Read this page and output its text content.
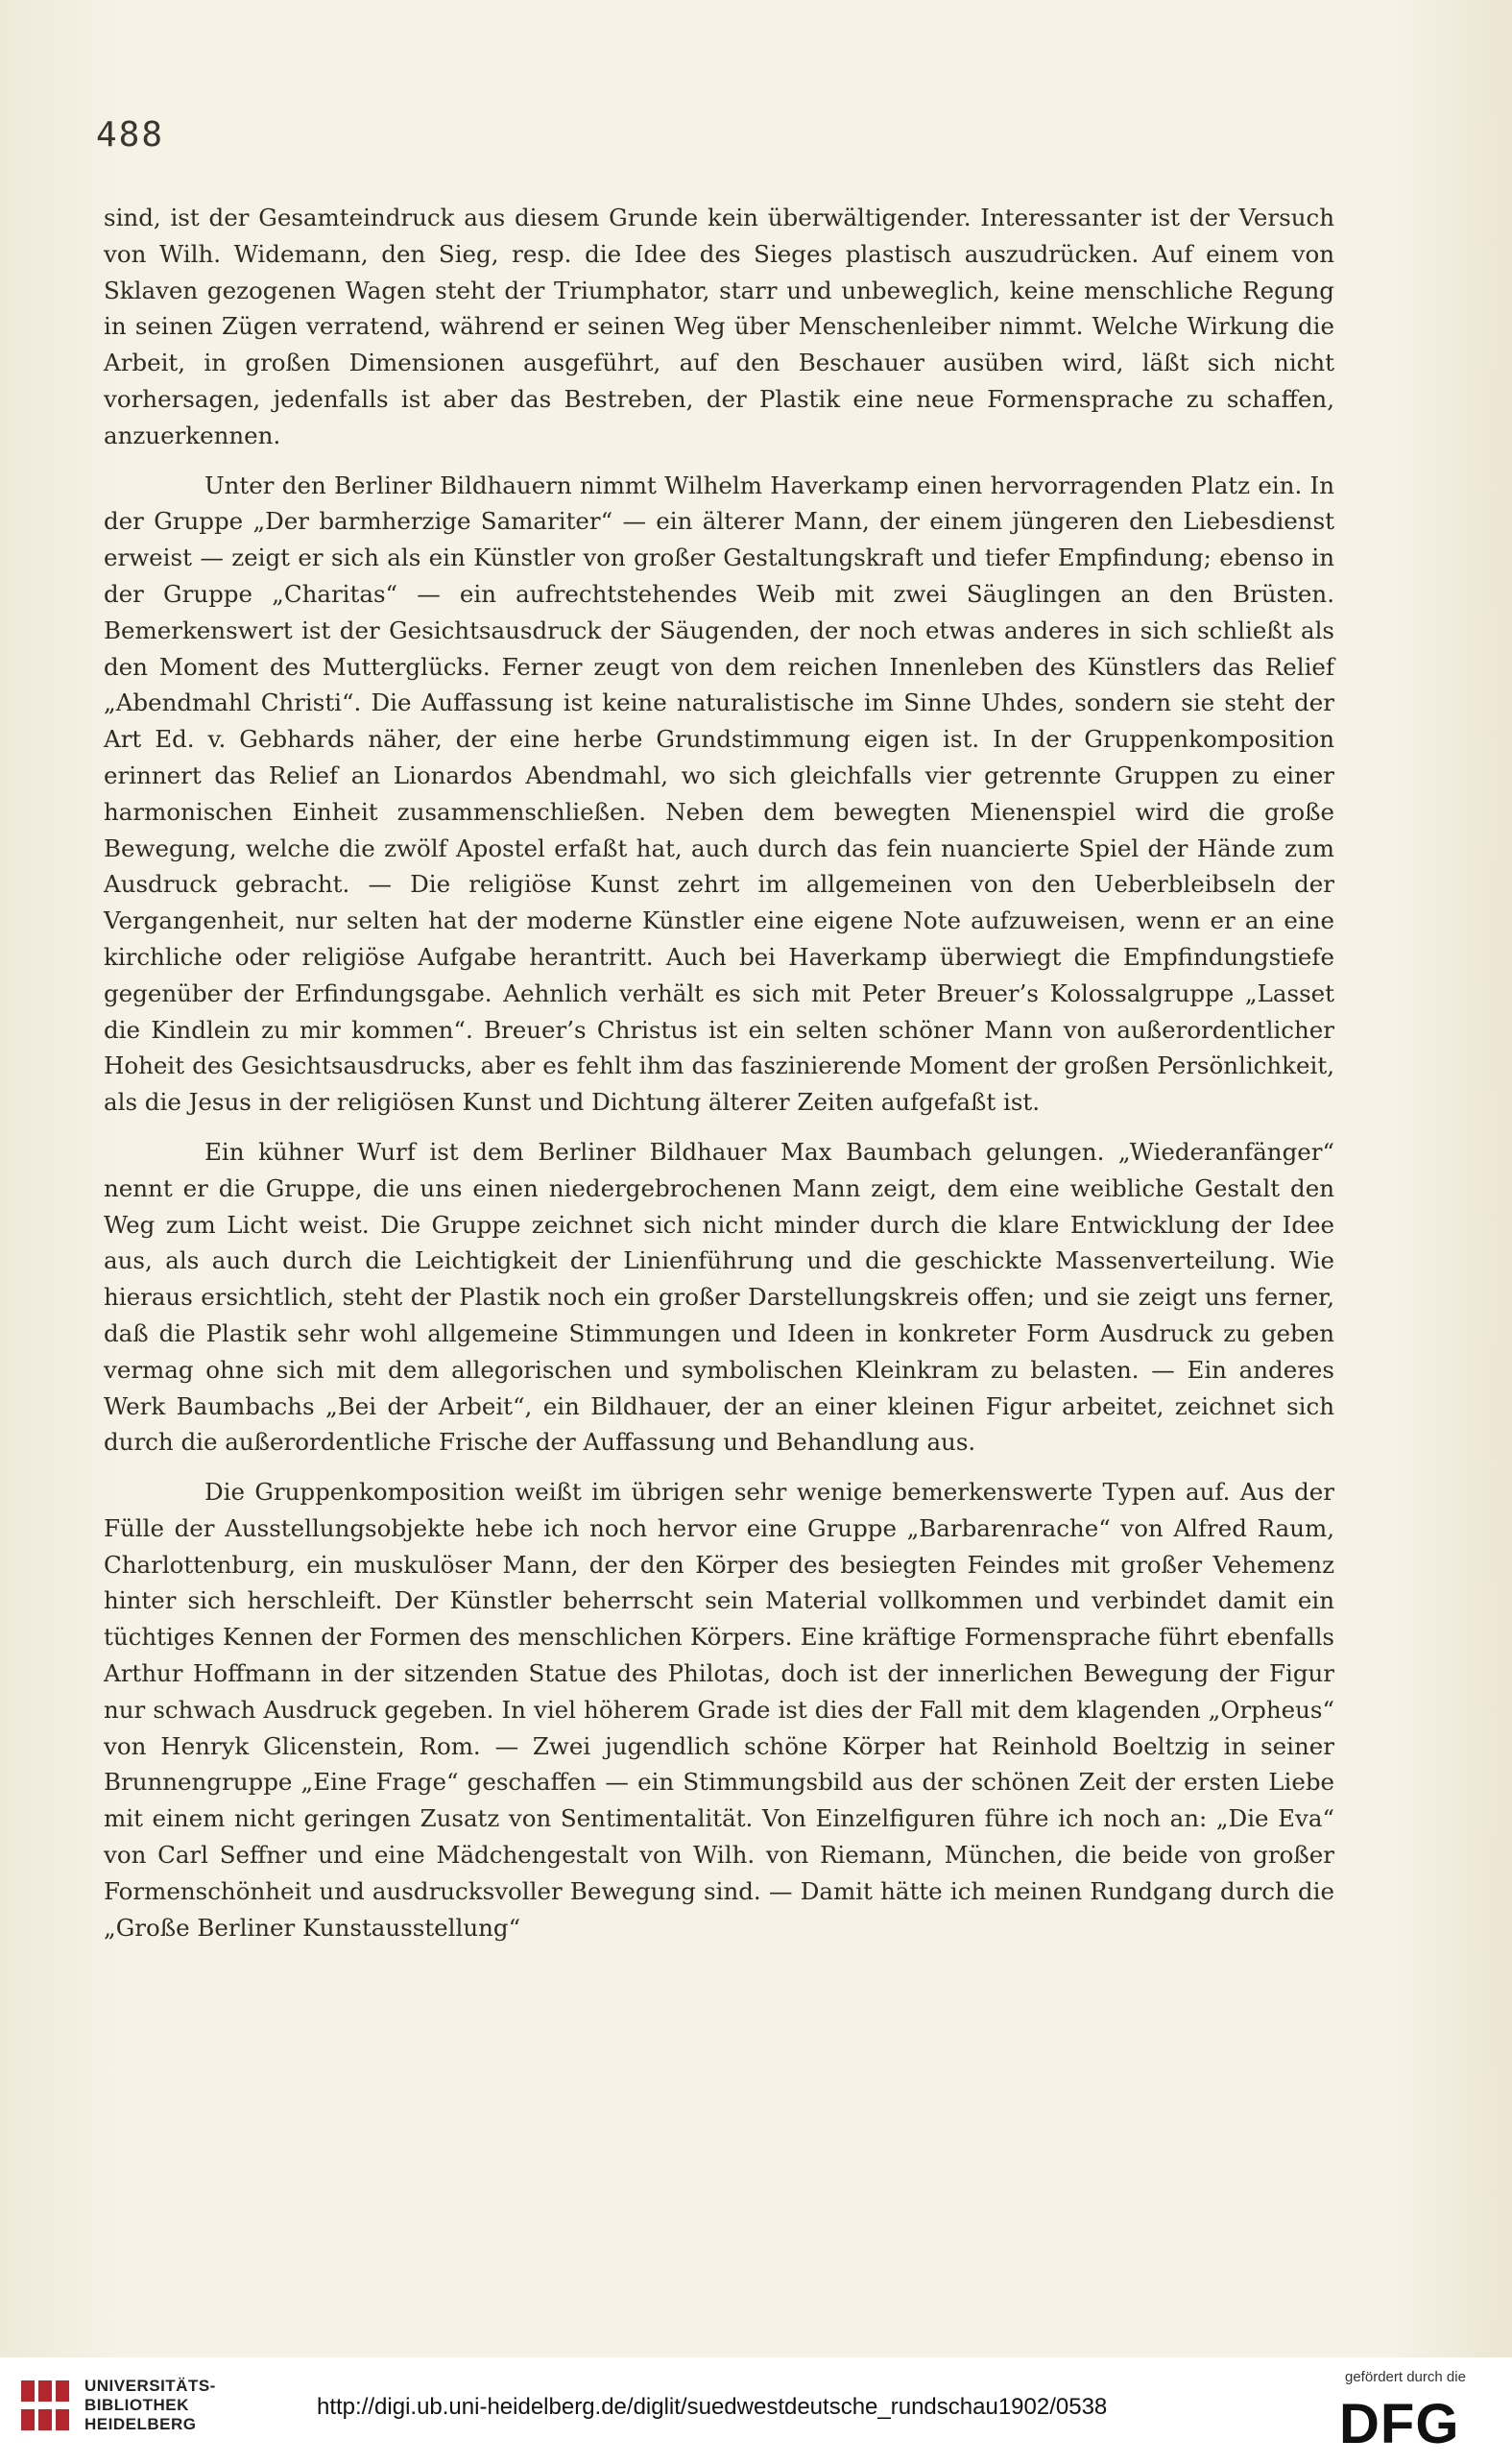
488

sind, ist der Gesamteindruck aus diesem Grunde kein überwältigender. Interessanter ist der Versuch von Wilh. Widemann, den Sieg, resp. die Idee des Sieges plastisch auszudrücken. Auf einem von Sklaven gezogenen Wagen steht der Triumphator, starr und unbeweglich, keine menschliche Regung in seinen Zügen verratend, während er seinen Weg über Menschenleiber nimmt. Welche Wirkung die Arbeit, in großen Dimensionen ausgeführt, auf den Beschauer ausüben wird, läßt sich nicht vorhersagen, jedenfalls ist aber das Bestreben, der Plastik eine neue Formensprache zu schaffen, anzuerkennen.

Unter den Berliner Bildhauern nimmt Wilhelm Haverkamp einen hervorragenden Platz ein. In der Gruppe „Der barmherzige Samariter“ — ein älterer Mann, der einem jüngeren den Liebesdienst erweist — zeigt er sich als ein Künstler von großer Gestaltungskraft und tiefer Empfindung; ebenso in der Gruppe „Charitas“ — ein aufrechtstehendes Weib mit zwei Säuglingen an den Brüsten. Bemerkenswert ist der Gesichtsausdruck der Säugenden, der noch etwas anderes in sich schließt als den Moment des Mutterglücks. Ferner zeugt von dem reichen Innenleben des Künstlers das Relief „Abendmahl Christi“. Die Auffassung ist keine naturalistische im Sinne Uhdes, sondern sie steht der Art Ed. v. Gebhards näher, der eine herbe Grundstimmung eigen ist. In der Gruppenkomposition erinnert das Relief an Lionardos Abendmahl, wo sich gleichfalls vier getrennte Gruppen zu einer harmonischen Einheit zusammenschließen. Neben dem bewegten Mienenspiel wird die große Bewegung, welche die zwölf Apostel erfaßt hat, auch durch das fein nuancierte Spiel der Hände zum Ausdruck gebracht. — Die religiöse Kunst zehrt im allgemeinen von den Ueberbleibseln der Vergangenheit, nur selten hat der moderne Künstler eine eigene Note aufzuweisen, wenn er an eine kirchliche oder religiöse Aufgabe herantritt. Auch bei Haverkamp überwiegt die Empfindungstiefe gegenüber der Erfindungsgabe. Aehnlich verhält es sich mit Peter Breuer’s Kolossalgruppe „Lasset die Kindlein zu mir kommen“. Breuer’s Christus ist ein selten schöner Mann von außerordentlicher Hoheit des Gesichtsausdrucks, aber es fehlt ihm das faszinierende Moment der großen Persönlichkeit, als die Jesus in der religiösen Kunst und Dichtung älterer Zeiten aufgefaßt ist.

Ein kühner Wurf ist dem Berliner Bildhauer Max Baumbach gelungen. „Wiederanfänger“ nennt er die Gruppe, die uns einen niedergebrochenen Mann zeigt, dem eine weibliche Gestalt den Weg zum Licht weist. Die Gruppe zeichnet sich nicht minder durch die klare Entwicklung der Idee aus, als auch durch die Leichtigkeit der Linienführung und die geschickte Massenverteilung. Wie hieraus ersichtlich, steht der Plastik noch ein großer Darstellungskreis offen; und sie zeigt uns ferner, daß die Plastik sehr wohl allgemeine Stimmungen und Ideen in konkreter Form Ausdruck zu geben vermag ohne sich mit dem allegorischen und symbolischen Kleinkram zu belasten. — Ein anderes Werk Baumbachs „Bei der Arbeit“, ein Bildhauer, der an einer kleinen Figur arbeitet, zeichnet sich durch die außerordentliche Frische der Auffassung und Behandlung aus.

Die Gruppenkomposition weißt im übrigen sehr wenige bemerkenswerte Typen auf. Aus der Fülle der Ausstellungsobjekte hebe ich noch hervor eine Gruppe „Barbarenrache“ von Alfred Raum, Charlottenburg, ein muskulöser Mann, der den Körper des besiegten Feindes mit großer Vehemenz hinter sich herschleift. Der Künstler beherrscht sein Material vollkommen und verbindet damit ein tüchtiges Kennen der Formen des menschlichen Körpers. Eine kräftige Formensprache führt ebenfalls Arthur Hoffmann in der sitzenden Statue des Philotas, doch ist der innerlichen Bewegung der Figur nur schwach Ausdruck gegeben. In viel höherem Grade ist dies der Fall mit dem klagenden „Orpheus“ von Henryk Glicenstein, Rom. — Zwei jugendlich schöne Körper hat Reinhold Boeltzig in seiner Brunnengruppe „Eine Frage“ geschaffen — ein Stimmungsbild aus der schönen Zeit der ersten Liebe mit einem nicht geringen Zusatz von Sentimentalität. Von Einzelfiguren führe ich noch an: „Die Eva“ von Carl Seffner und eine Mädchengestalt von Wilh. von Riemann, München, die beide von großer Formenschönheit und ausdrucksvoller Bewegung sind. — Damit hätte ich meinen Rundgang durch die „Große Berliner Kunstausstellung“

UNIVERSITÄTS-
BIBLIOTHEK
HEIDELBERG
http://digi.ub.uni-heidelberg.de/diglit/suedwestdeutsche_rundschau1902/0538
gefördert durch die
DFG
